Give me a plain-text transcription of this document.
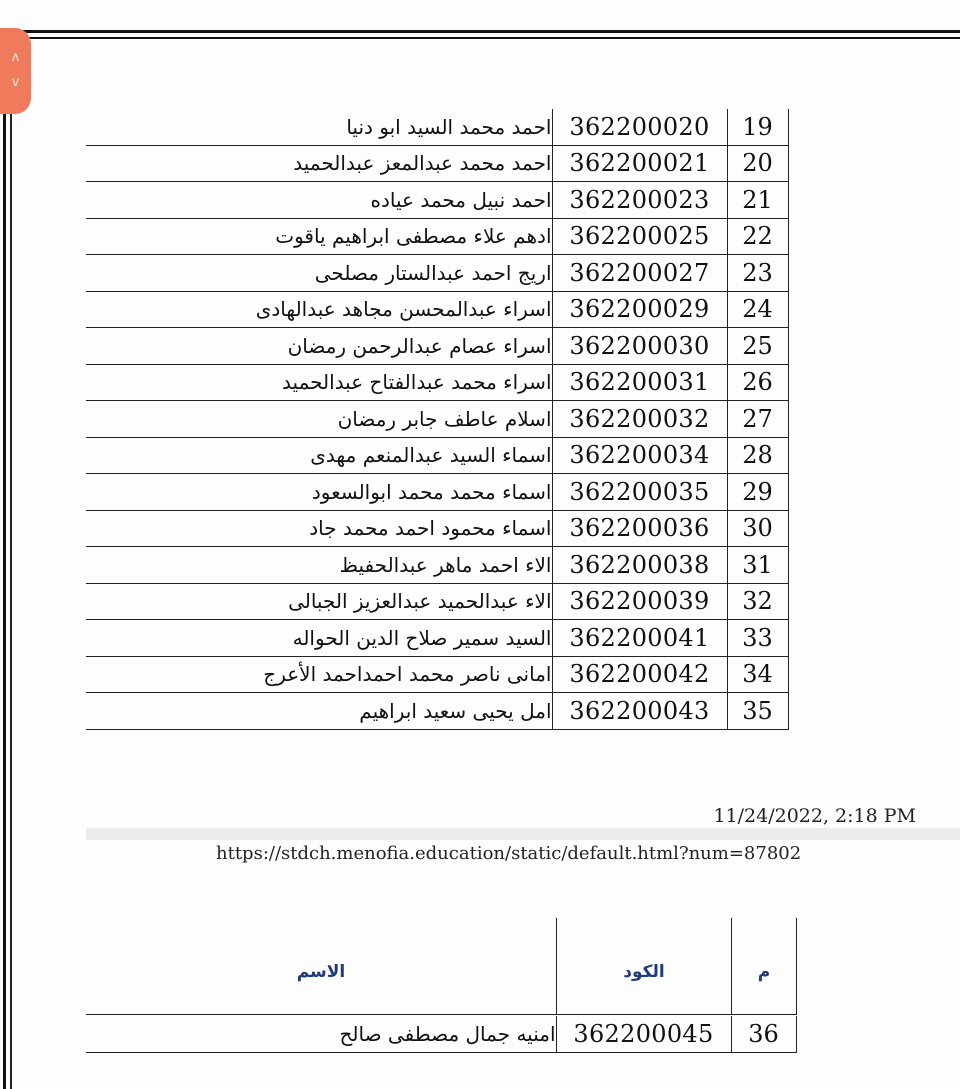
ᐱ
ᐯ
احمد محمد السيد ابو دنيا	362200020	19
احمد محمد عبدالمعز عبدالحميد	362200021	20
احمد نبيل محمد عياده	362200023	21
ادهم علاء مصطفى ابراهيم ياقوت	362200025	22
اريج احمد عبدالستار مصلحى	362200027	23
اسراء عبدالمحسن مجاهد عبدالهادى	362200029	24
اسراء عصام عبدالرحمن رمضان	362200030	25
اسراء محمد عبدالفتاح عبدالحميد	362200031	26
اسلام عاطف جابر رمضان	362200032	27
اسماء السيد عبدالمنعم مهدى	362200034	28
اسماء محمد محمد ابوالسعود	362200035	29
اسماء محمود احمد محمد جاد	362200036	30
الاء احمد ماهر عبدالحفيظ	362200038	31
الاء عبدالحميد عبدالعزيز الجبالى	362200039	32
السيد سمير صلاح الدين الحواله	362200041	33
امانى ناصر محمد احمداحمد الأعرج	362200042	34
امل يحيى سعيد ابراهيم	362200043	35
11/24/2022, 2:18 PM
https://stdch.menofia.education/static/default.html?num=87802
الاسم	الكود	م
امنيه جمال مصطفى صالح	362200045	36
